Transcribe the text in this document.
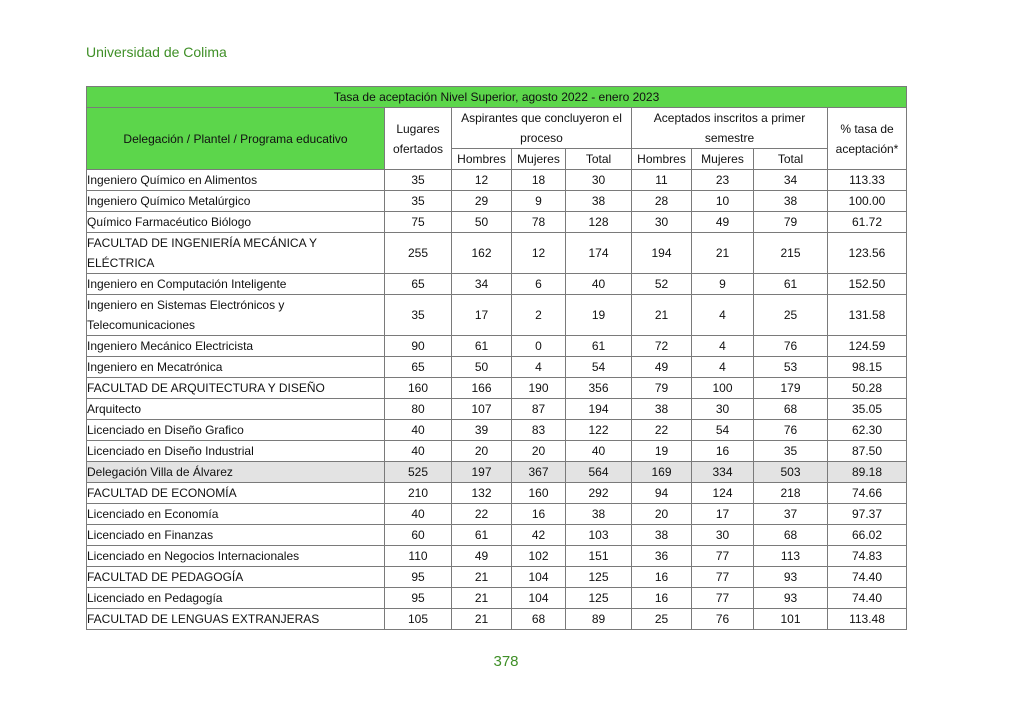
Universidad de Colima
Tasa de aceptación Nivel Superior, agosto 2022 - enero 2023								
Delegación / Plantel / Programa educativo	Lugares ofertados	Aspirantes que concluyeron el proceso			Aceptados inscritos a primer semestre			% tasa de aceptación*
		Hombres	Mujeres	Total	Hombres	Mujeres	Total	
Ingeniero Químico en Alimentos	35	12	18	30	11	23	34	113.33
Ingeniero Químico Metalúrgico	35	29	9	38	28	10	38	100.00
Químico Farmacéutico Biólogo	75	50	78	128	30	49	79	61.72
FACULTAD DE INGENIERÍA MECÁNICA Y ELÉCTRICA	255	162	12	174	194	21	215	123.56
Ingeniero en Computación Inteligente	65	34	6	40	52	9	61	152.50
Ingeniero en Sistemas Electrónicos y Telecomunicaciones	35	17	2	19	21	4	25	131.58
Ingeniero Mecánico Electricista	90	61	0	61	72	4	76	124.59
Ingeniero en Mecatrónica	65	50	4	54	49	4	53	98.15
FACULTAD DE ARQUITECTURA Y DISEÑO	160	166	190	356	79	100	179	50.28
Arquitecto	80	107	87	194	38	30	68	35.05
Licenciado en Diseño Grafico	40	39	83	122	22	54	76	62.30
Licenciado en Diseño Industrial	40	20	20	40	19	16	35	87.50
Delegación Villa de Álvarez	525	197	367	564	169	334	503	89.18
FACULTAD DE ECONOMÍA	210	132	160	292	94	124	218	74.66
Licenciado en Economía	40	22	16	38	20	17	37	97.37
Licenciado en Finanzas	60	61	42	103	38	30	68	66.02
Licenciado en Negocios Internacionales	110	49	102	151	36	77	113	74.83
FACULTAD DE PEDAGOGÍA	95	21	104	125	16	77	93	74.40
Licenciado en Pedagogía	95	21	104	125	16	77	93	74.40
FACULTAD DE LENGUAS EXTRANJERAS	105	21	68	89	25	76	101	113.48
378
